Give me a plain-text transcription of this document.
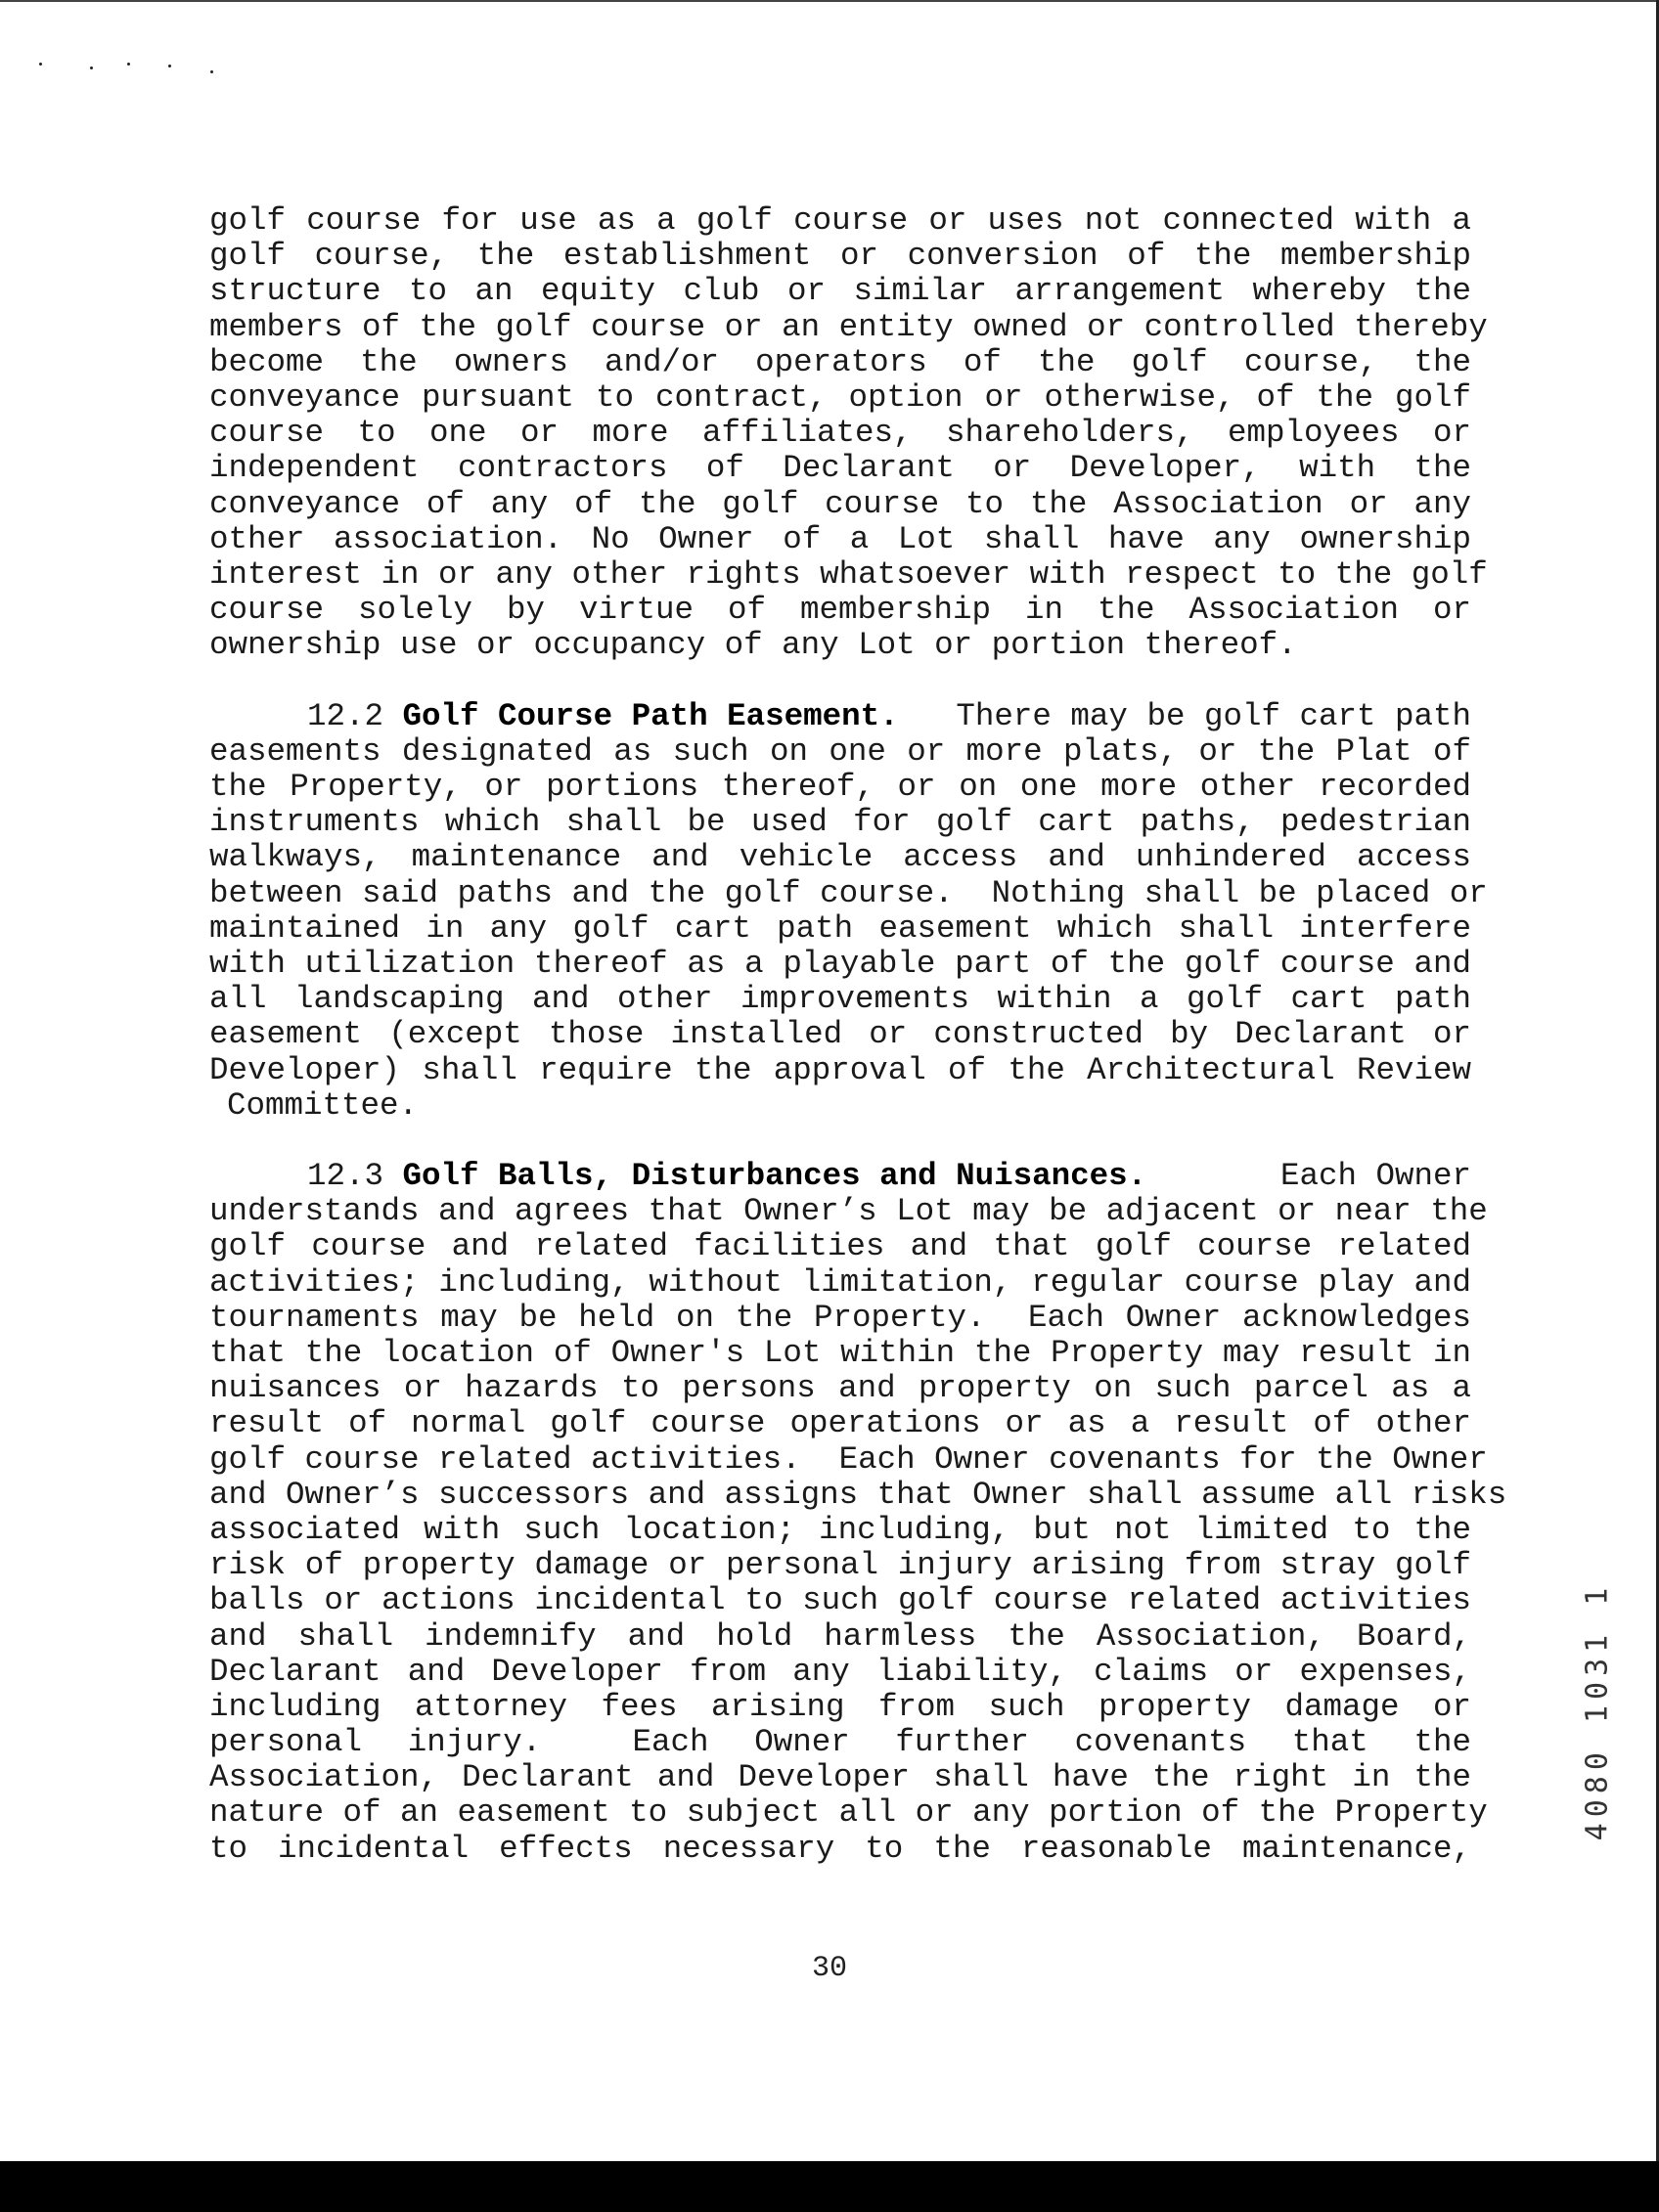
golf course for use as a golf course or uses not connected with a
golf course, the establishment or conversion of the membership
structure to an equity club or similar arrangement whereby the
members of the golf course or an entity owned or controlled thereby
become the owners and/or operators of the golf course, the
conveyance pursuant to contract, option or otherwise, of the golf
course to one or more affiliates, shareholders, employees or
independent contractors of Declarant or Developer, with the
conveyance of any of the golf course to the Association or any
other association. No Owner of a Lot shall have any ownership
interest in or any other rights whatsoever with respect to the golf
course solely by virtue of membership in the Association or
ownership use or occupancy of any Lot or portion thereof.
12.2 Golf Course Path Easement. There may be golf cart path
easements designated as such on one or more plats, or the Plat of
the Property, or portions thereof, or on one more other recorded
instruments which shall be used for golf cart paths, pedestrian
walkways, maintenance and vehicle access and unhindered access
between said paths and the golf course.  Nothing shall be placed or
maintained in any golf cart path easement which shall interfere
with utilization thereof as a playable part of the golf course and
all landscaping and other improvements within a golf cart path
easement (except those installed or constructed by Declarant or
Developer) shall require the approval of the Architectural Review
Committee.
12.3 Golf Balls, Disturbances and Nuisances.	Each Owner
understands and agrees that Owner’s Lot may be adjacent or near the
golf course and related facilities and that golf course related
activities; including, without limitation, regular course play and
tournaments may be held on the Property.  Each Owner acknowledges
that the location of Owner's Lot within the Property may result in
nuisances or hazards to persons and property on such parcel as a
result of normal golf course operations or as a result of other
golf course related activities.  Each Owner covenants for the Owner
and Owner’s successors and assigns that Owner shall assume all risks
associated with such location; including, but not limited to the
risk of property damage or personal injury arising from stray golf
balls or actions incidental to such golf course related activities
and shall indemnify and hold harmless the Association, Board,
Declarant and Developer from any liability, claims or expenses,
including attorney fees arising from such property damage or
personal injury.  Each Owner further covenants that the
Association, Declarant and Developer shall have the right in the
nature of an easement to subject all or any portion of the Property
to incidental effects necessary to the reasonable maintenance,
30
4080 1031 1
